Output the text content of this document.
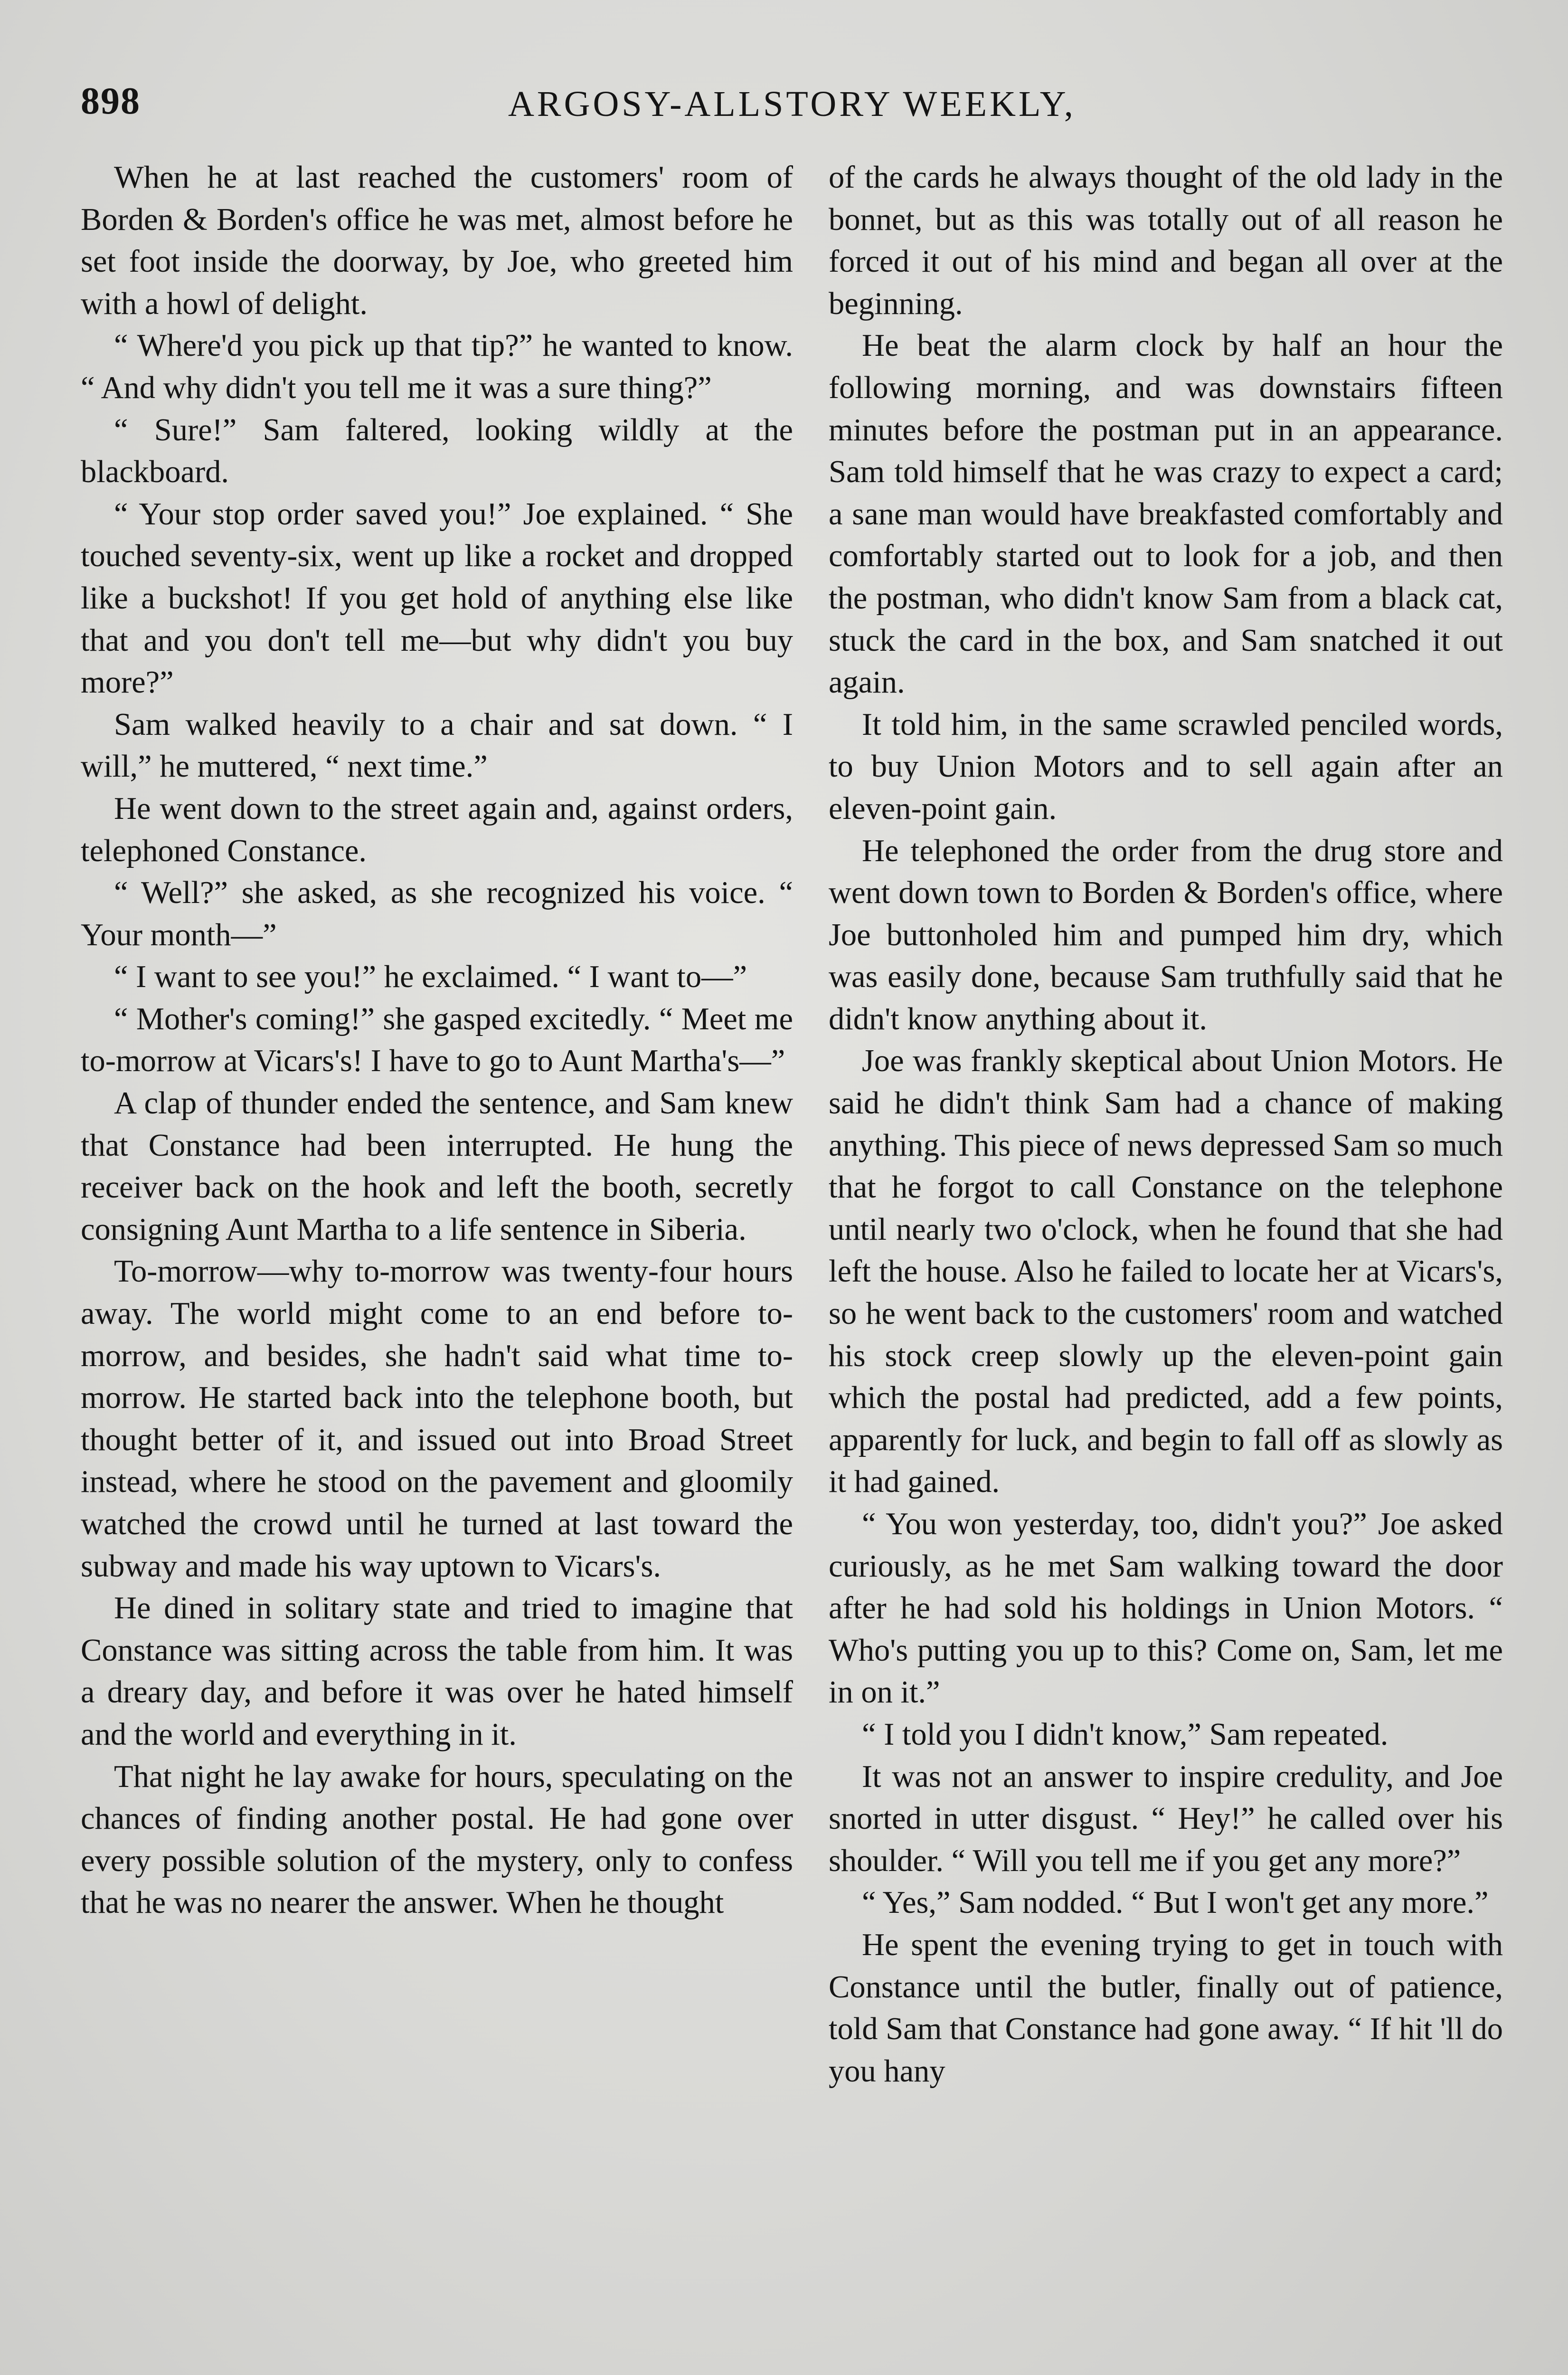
898	ARGOSY-ALLSTORY WEEKLY,

When he at last reached the customers' room of Borden & Borden's office he was met, almost before he set foot inside the doorway, by Joe, who greeted him with a howl of delight.

“ Where'd you pick up that tip?” he wanted to know. “ And why didn't you tell me it was a sure thing?”

“ Sure!” Sam faltered, looking wildly at the blackboard.

“ Your stop order saved you!” Joe explained. “ She touched seventy-six, went up like a rocket and dropped like a buckshot! If you get hold of anything else like that and you don't tell me—but why didn't you buy more?”

Sam walked heavily to a chair and sat down. “ I will,” he muttered, “ next time.”

He went down to the street again and, against orders, telephoned Constance.

“ Well?” she asked, as she recognized his voice. “ Your month—”

“ I want to see you!” he exclaimed. “ I want to—”

“ Mother's coming!” she gasped excitedly. “ Meet me to-morrow at Vicars's! I have to go to Aunt Martha's—”

A clap of thunder ended the sentence, and Sam knew that Constance had been interrupted. He hung the receiver back on the hook and left the booth, secretly consigning Aunt Martha to a life sentence in Siberia.

To-morrow—why to-morrow was twenty-four hours away. The world might come to an end before to-morrow, and besides, she hadn't said what time to-morrow. He started back into the telephone booth, but thought better of it, and issued out into Broad Street instead, where he stood on the pavement and gloomily watched the crowd until he turned at last toward the subway and made his way uptown to Vicars's.

He dined in solitary state and tried to imagine that Constance was sitting across the table from him. It was a dreary day, and before it was over he hated himself and the world and everything in it.

That night he lay awake for hours, speculating on the chances of finding another postal. He had gone over every possible solution of the mystery, only to confess that he was no nearer the answer. When he thought

of the cards he always thought of the old lady in the bonnet, but as this was totally out of all reason he forced it out of his mind and began all over at the beginning.

He beat the alarm clock by half an hour the following morning, and was downstairs fifteen minutes before the postman put in an appearance. Sam told himself that he was crazy to expect a card; a sane man would have breakfasted comfortably and comfortably started out to look for a job, and then the postman, who didn't know Sam from a black cat, stuck the card in the box, and Sam snatched it out again.

It told him, in the same scrawled penciled words, to buy Union Motors and to sell again after an eleven-point gain.

He telephoned the order from the drug store and went down town to Borden & Borden's office, where Joe buttonholed him and pumped him dry, which was easily done, because Sam truthfully said that he didn't know anything about it.

Joe was frankly skeptical about Union Motors. He said he didn't think Sam had a chance of making anything. This piece of news depressed Sam so much that he forgot to call Constance on the telephone until nearly two o'clock, when he found that she had left the house. Also he failed to locate her at Vicars's, so he went back to the customers' room and watched his stock creep slowly up the eleven-point gain which the postal had predicted, add a few points, apparently for luck, and begin to fall off as slowly as it had gained.

“ You won yesterday, too, didn't you?” Joe asked curiously, as he met Sam walking toward the door after he had sold his holdings in Union Motors. “ Who's putting you up to this? Come on, Sam, let me in on it.”

“ I told you I didn't know,” Sam repeated.

It was not an answer to inspire credulity, and Joe snorted in utter disgust. “ Hey!” he called over his shoulder. “ Will you tell me if you get any more?”

“ Yes,” Sam nodded. “ But I won't get any more.”

He spent the evening trying to get in touch with Constance until the butler, finally out of patience, told Sam that Constance had gone away. “ If hit 'll do you hany
